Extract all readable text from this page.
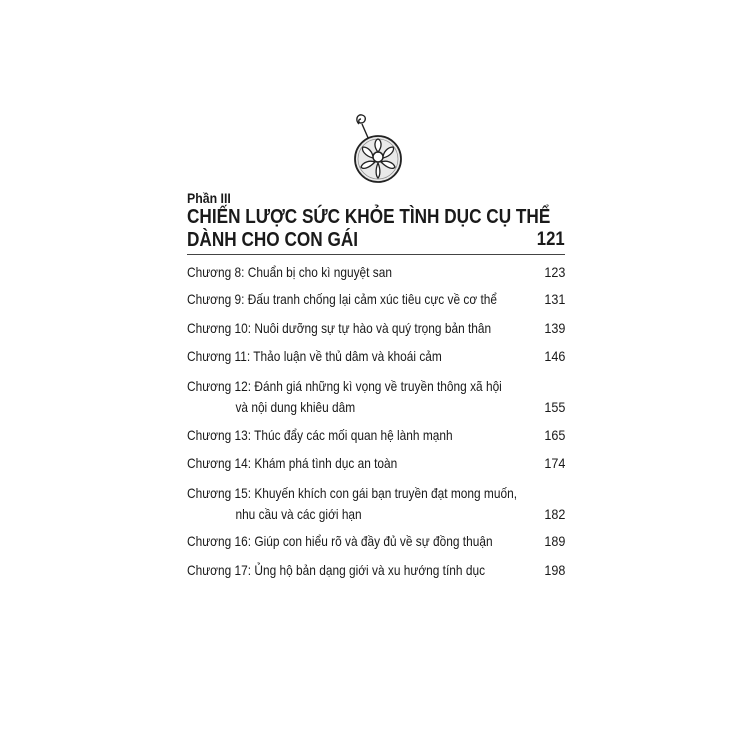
Phần III
CHIẾN LƯỢC SỨC KHỎE TÌNH DỤC CỤ THỂ
DÀNH CHO CON GÁI	121
Chương 8: Chuẩn bị cho kì nguyệt san	123
Chương 9: Đấu tranh chống lại cảm xúc tiêu cực về cơ thể	131
Chương 10: Nuôi dưỡng sự tự hào và quý trọng bản thân	139
Chương 11: Thảo luận về thủ dâm và khoái cảm	146
Chương 12: Đánh giá những kì vọng về truyền thông xã hội
và nội dung khiêu dâm	155
Chương 13: Thúc đẩy các mối quan hệ lành mạnh	165
Chương 14: Khám phá tình dục an toàn	174
Chương 15: Khuyến khích con gái bạn truyền đạt mong muốn,
nhu cầu và các giới hạn	182
Chương 16: Giúp con hiểu rõ và đầy đủ về sự đồng thuận	189
Chương 17: Ủng hộ bản dạng giới và xu hướng tính dục	198
